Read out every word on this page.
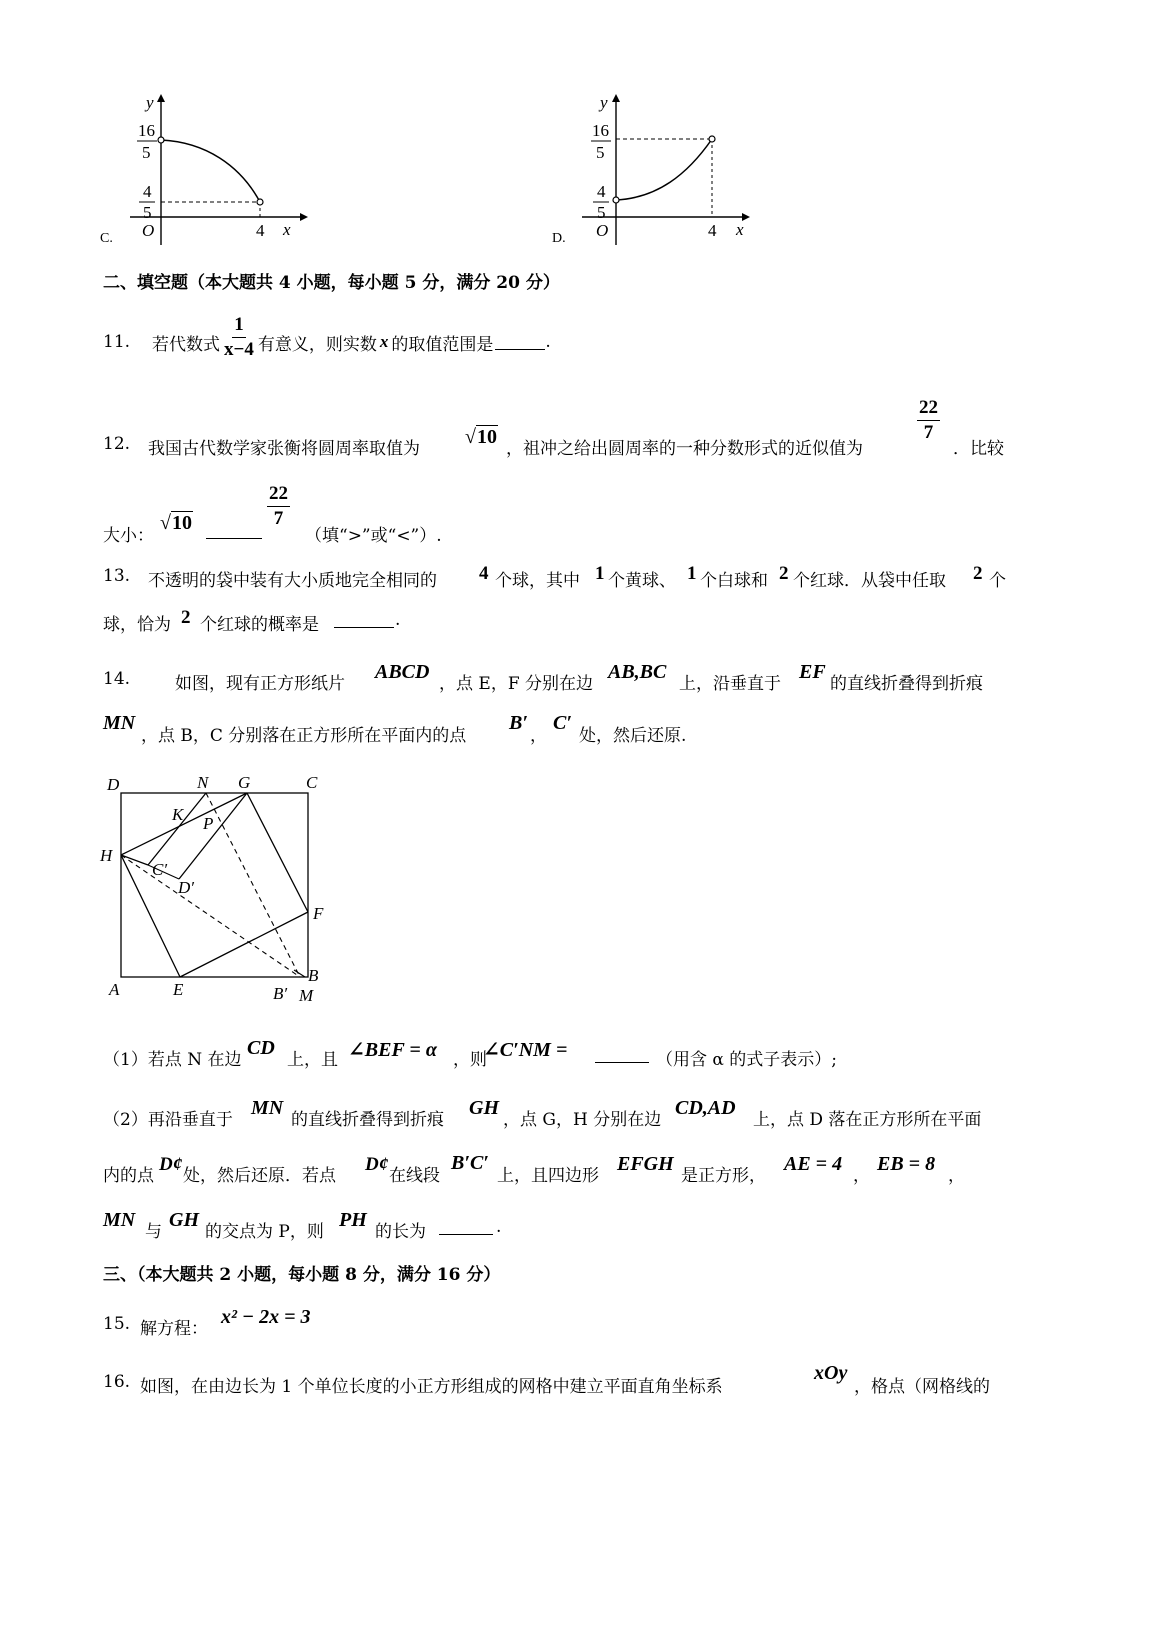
y
x
O
16
5
4
5
4
C.
y
x
O
16
5
4
5
4
D.
二、填空题（本大题共 4 小题，每小题 5 分，满分 20 分）
11. 若代数式 $\frac{1}{x-4}$ 有意义，则实数 x 的取值范围是	.
12. 我国古代数学家张衡将圆周率取值为
√10
，祖冲之给出圆周率的一种分数形式的近似值为
$\frac{22}{7}$
．比较
大小：
√10	$\frac{22}{7}$
（填“>”或“<”）.
13. 不透明的袋中装有大小质地完全相同的 4 个球，其中 1 个黄球、 1 个白球和 2 个红球．从袋中任取 2 个
球，恰为 2 个红球的概率是	.
14.	如图，现有正方形纸片
ABCD
，点 E，F 分别在边
AB,BC
上，沿垂直于
EF
的直线折叠得到折痕
MN
，点 B，C 分别落在正方形所在平面内的点
B′
，
C′
处，然后还原.
D	N G	C
K P
H
C′
D′
F
A	E	B′ M
B
（1）若点 N 在边
CD
上，且 ∠BEF = α ，则
∠C′NM =	（用含 α 的式子表示）;
（2）再沿垂直于
MN
的直线折叠得到折痕
GH
，点 G，H 分别在边
CD,AD
上，点 D 落在正方形所在平面
内的点
D¢
处，然后还原．若点
D¢
在线段
B′C′
上，且四边形
EFGH
是正方形，
AE = 4
，
EB = 8
，
MN
与
GH
的交点为 P，则
PH
的长为	.
三、（本大题共 2 小题，每小题 8 分，满分 16 分）
15. 解方程：
x² − 2x = 3
16. 如图，在由边长为 1 个单位长度的小正方形组成的网格中建立平面直角坐标系
xOy
，格点（网格线的
